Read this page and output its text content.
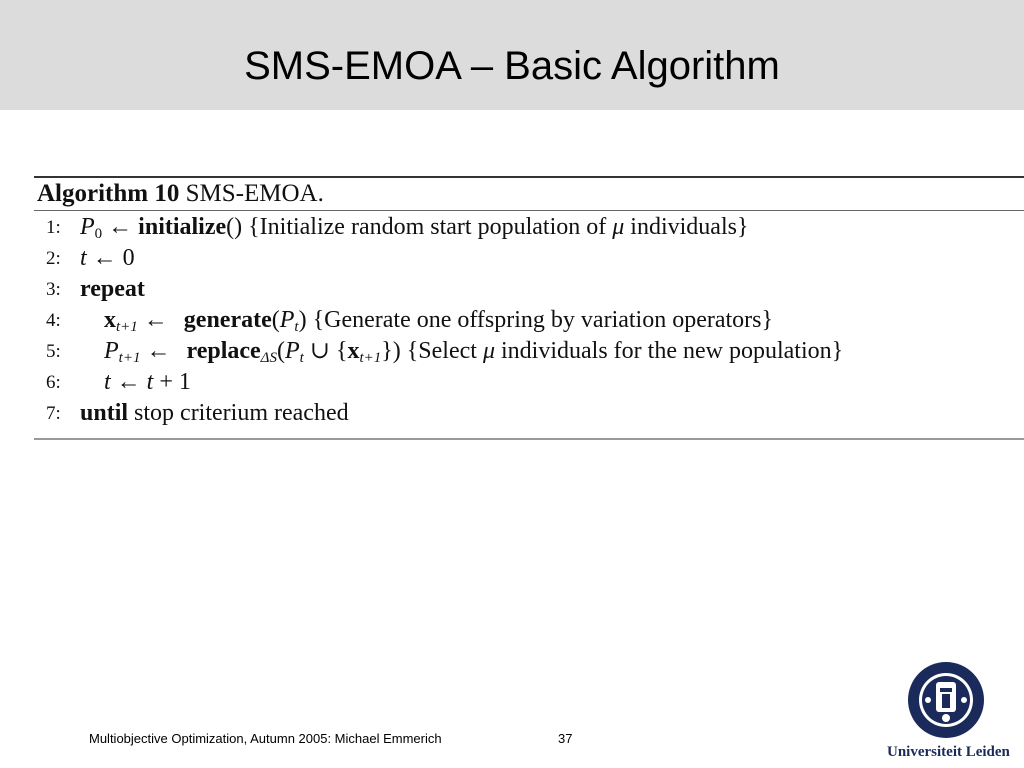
SMS-EMOA – Basic Algorithm
Algorithm 10 SMS-EMOA.
1: $P_0$ ← initialize() {Initialize random start population of μ individuals}
2: t ← 0
3: repeat
4:	$x_{t+1}$ ← $generate(P_t)$ {Generate one offspring by variation operators}
5:	$P_{t+1}$ ← $replace_{\Delta S}(P_t$ ∪ $\{x_{t+1}\}$) {Select μ individuals for the new population}
6:	t ← t + 1
7: until stop criterium reached
Multiobjective Optimization, Autumn 2005: Michael Emmerich	37
Universiteit Leiden
